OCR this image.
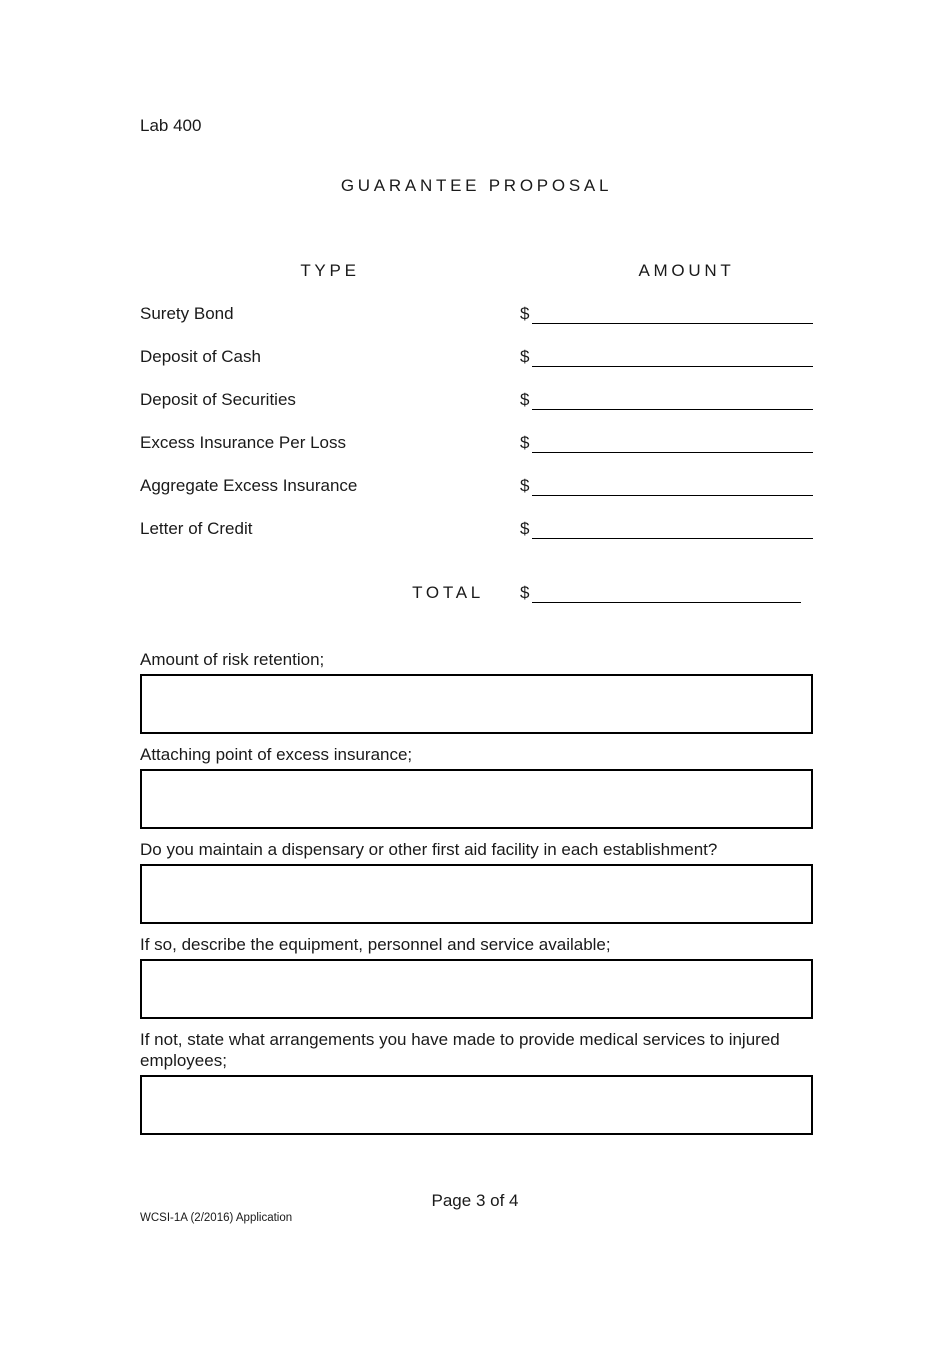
Lab 400
GUARANTEE PROPOSAL
TYPE	AMOUNT
Surety Bond	$
Deposit of Cash	$
Deposit of Securities	$
Excess Insurance Per Loss	$
Aggregate Excess Insurance	$
Letter of Credit	$
TOTAL	$
Amount of risk retention;
Attaching point of excess insurance;
Do you maintain a dispensary or other first aid facility in each establishment?
If so, describe the equipment, personnel and service available;
If not, state what arrangements you have made to provide medical services to injured employees;
Page 3 of 4
WCSI-1A (2/2016) Application
